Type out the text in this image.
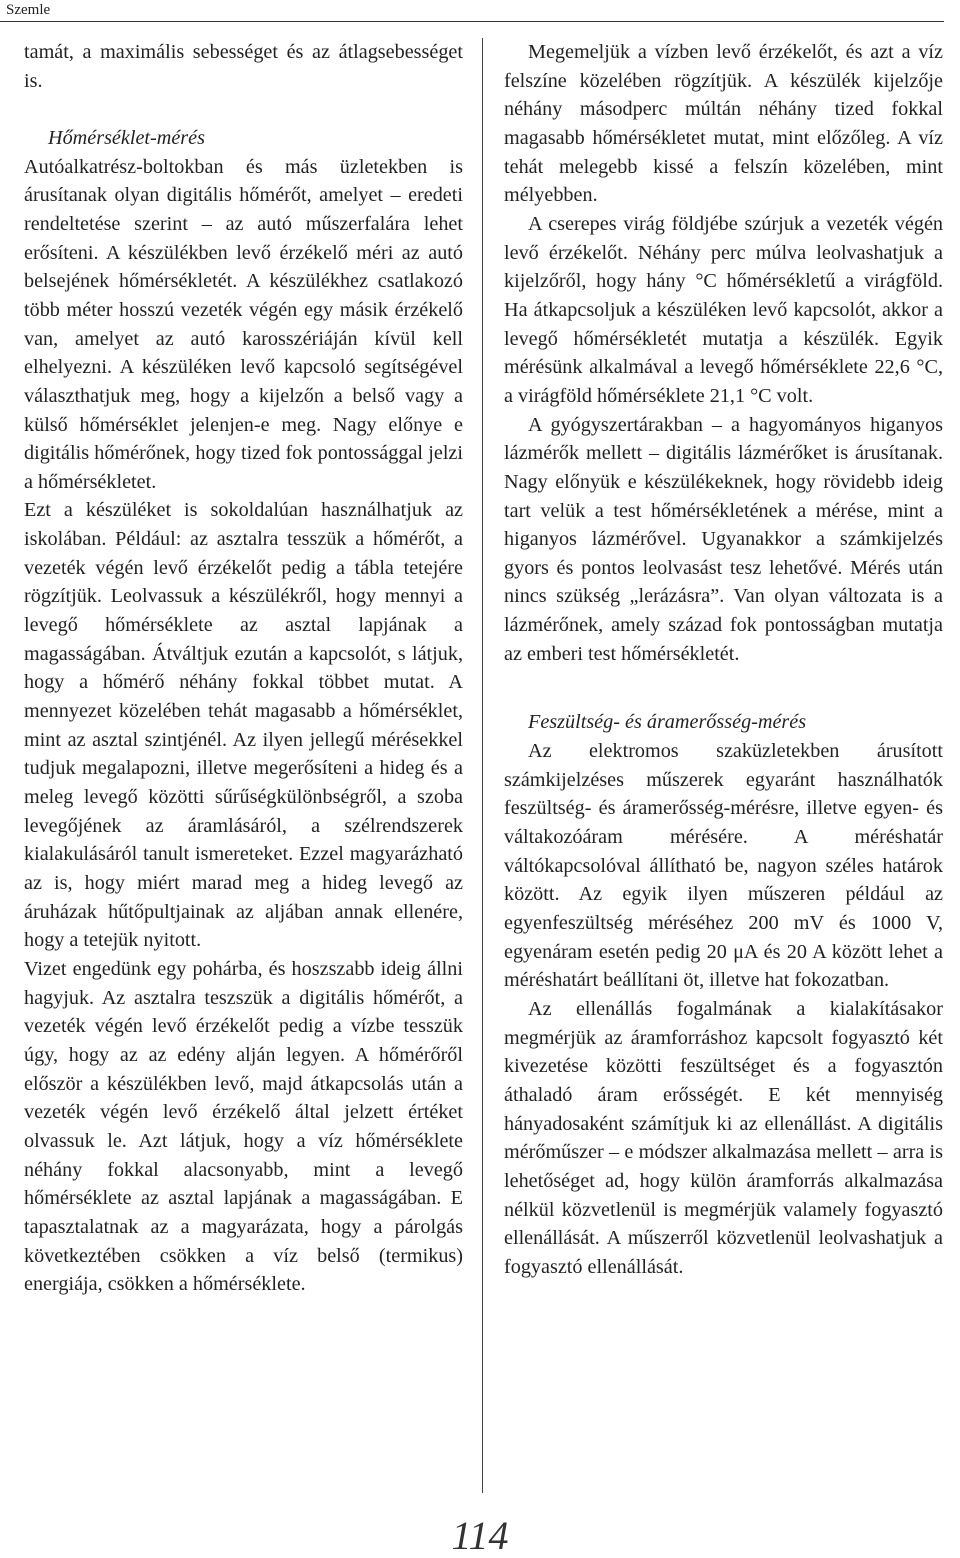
Szemle

tamát, a maximális sebességet és az átlagsebességet is.

Hőmérséklet-mérés

Autóalkatrész-boltokban és más üzletekben is árusítanak olyan digitális hőmérőt, amelyet – eredeti rendeltetése szerint – az autó műszerfalára lehet erősíteni. A készülékben levő érzékelő méri az autó belsejének hőmérsékletét. A készülékhez csatlakozó több méter hosszú vezeték végén egy másik érzékelő van, amelyet az autó karosszériáján kívül kell elhelyezni. A készüléken levő kapcsoló segítségével választhatjuk meg, hogy a kijelzőn a belső vagy a külső hőmérséklet jelenjen-e meg. Nagy előnye e digitális hőmérőnek, hogy tized fok pontossággal jelzi a hőmérsékletet.

Ezt a készüléket is sokoldalúan használhatjuk az iskolában. Például: az asztalra tesszük a hőmérőt, a vezeték végén levő érzékelőt pedig a tábla tetejére rögzítjük. Leolvassuk a készülékről, hogy mennyi a levegő hőmérséklete az asztal lapjának a magasságában. Átváltjuk ezután a kapcsolót, s látjuk, hogy a hőmérő néhány fokkal többet mutat. A mennyezet közelében tehát magasabb a hőmérséklet, mint az asztal szintjénél. Az ilyen jellegű mérésekkel tudjuk megalapozni, illetve megerősíteni a hideg és a meleg levegő közötti sűrűségkülönbségről, a szoba levegőjének az áramlásáról, a szélrendszerek kialakulásáról tanult ismereteket. Ezzel magyarázható az is, hogy miért marad meg a hideg levegő az áruházak hűtőpultjainak az aljában annak ellenére, hogy a tetejük nyitott.

Vizet engedünk egy pohárba, és hoszszabb ideig állni hagyjuk. Az asztalra teszszük a digitális hőmérőt, a vezeték végén levő érzékelőt pedig a vízbe tesszük úgy, hogy az az edény alján legyen. A hőmérőről először a készülékben levő, majd átkapcsolás után a vezeték végén levő érzékelő által jelzett értéket olvassuk le. Azt látjuk, hogy a víz hőmérséklete néhány fokkal alacsonyabb, mint a levegő hőmérséklete az asztal lapjának a magasságában. E tapasztalatnak az a magyarázata, hogy a párolgás következtében csökken a víz belső (termikus) energiája, csökken a hőmérséklete.

Megemeljük a vízben levő érzékelőt, és azt a víz felszíne közelében rögzítjük. A készülék kijelzője néhány másodperc múltán néhány tized fokkal magasabb hőmérsékletet mutat, mint előzőleg. A víz tehát melegebb kissé a felszín közelében, mint mélyebben.

A cserepes virág földjébe szúrjuk a vezeték végén levő érzékelőt. Néhány perc múlva leolvashatjuk a kijelzőről, hogy hány °C hőmérsékletű a virágföld. Ha átkapcsoljuk a készüléken levő kapcsolót, akkor a levegő hőmérsékletét mutatja a készülék. Egyik mérésünk alkalmával a levegő hőmérséklete 22,6 °C, a virágföld hőmérséklete 21,1 °C volt.

A gyógyszertárakban – a hagyományos higanyos lázmérők mellett – digitális lázmérőket is árusítanak. Nagy előnyük e készülékeknek, hogy rövidebb ideig tart velük a test hőmérsékletének a mérése, mint a higanyos lázmérővel. Ugyanakkor a számkijelzés gyors és pontos leolvasást tesz lehetővé. Mérés után nincs szükség „lerázásra”. Van olyan változata is a lázmérőnek, amely század fok pontosságban mutatja az emberi test hőmérsékletét.

Feszültség- és áramerősség-mérés

Az elektromos szaküzletekben árusított számkijelzéses műszerek egyaránt használhatók feszültség- és áramerősség-mérésre, illetve egyen- és váltakozóáram mérésére. A méréshatár váltókapcsolóval állítható be, nagyon széles határok között. Az egyik ilyen műszeren például az egyenfeszültség méréséhez 200 mV és 1000 V, egyenáram esetén pedig 20 μA és 20 A között lehet a méréshatárt beállítani öt, illetve hat fokozatban.

Az ellenállás fogalmának a kialakításakor megmérjük az áramforráshoz kapcsolt fogyasztó két kivezetése közötti feszültséget és a fogyasztón áthaladó áram erősségét. E két mennyiség hányadosaként számítjuk ki az ellenállást. A digitális mérőműszer – e módszer alkalmazása mellett – arra is lehetőséget ad, hogy külön áramforrás alkalmazása nélkül közvetlenül is megmérjük valamely fogyasztó ellenállását. A műszerről közvetlenül leolvashatjuk a fogyasztó ellenállását.

114
